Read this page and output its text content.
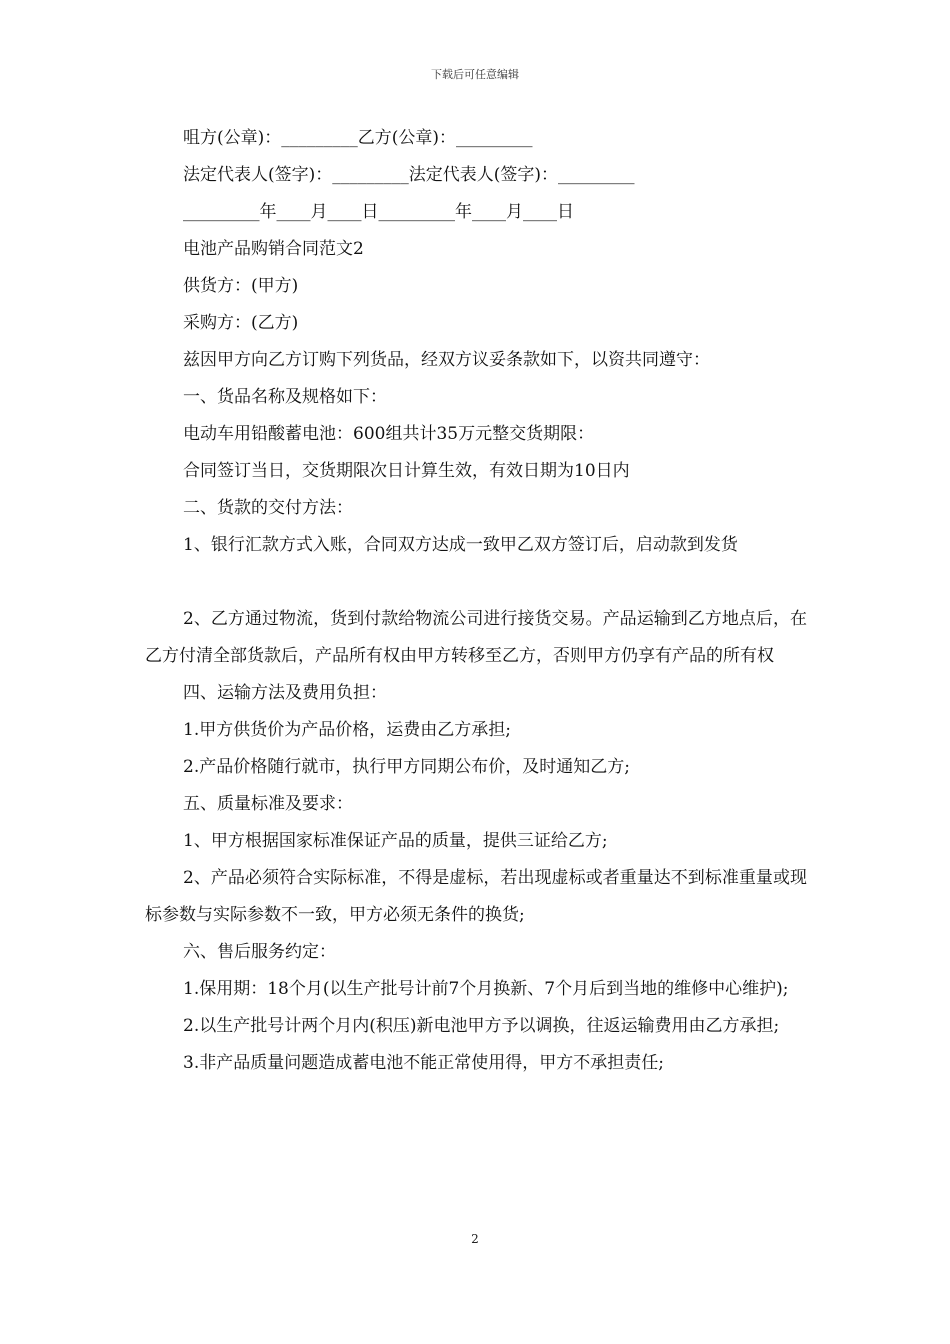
下载后可任意编辑

咀方(公章)：_________乙方(公章)：_________

法定代表人(签字)：_________法定代表人(签字)：_________

_________年____月____日_________年____月____日

电池产品购销合同范文2

供货方：(甲方)

采购方：(乙方)

兹因甲方向乙方订购下列货品，经双方议妥条款如下，以资共同遵守：

一、货品名称及规格如下：

电动车用铅酸蓄电池：600组共计35万元整交货期限：

合同签订当日，交货期限次日计算生效，有效日期为10日内

二、货款的交付方法：

1、银行汇款方式入账，合同双方达成一致甲乙双方签订后，启动款到发货

2、乙方通过物流，货到付款给物流公司进行接货交易。产品运输到乙方地点后，在乙方付清全部货款后，产品所有权由甲方转移至乙方，否则甲方仍享有产品的所有权

四、运输方法及费用负担：

1.甲方供货价为产品价格，运费由乙方承担;

2.产品价格随行就市，执行甲方同期公布价，及时通知乙方;

五、质量标准及要求：

1、甲方根据国家标准保证产品的质量，提供三证给乙方;

2、产品必须符合实际标准，不得是虚标，若出现虚标或者重量达不到标准重量或现标参数与实际参数不一致，甲方必须无条件的换货;

六、售后服务约定：

1.保用期：18个月(以生产批号计前7个月换新、7个月后到当地的维修中心维护);

2.以生产批号计两个月内(积压)新电池甲方予以调换，往返运输费用由乙方承担;

3.非产品质量问题造成蓄电池不能正常使用得，甲方不承担责任;

2
